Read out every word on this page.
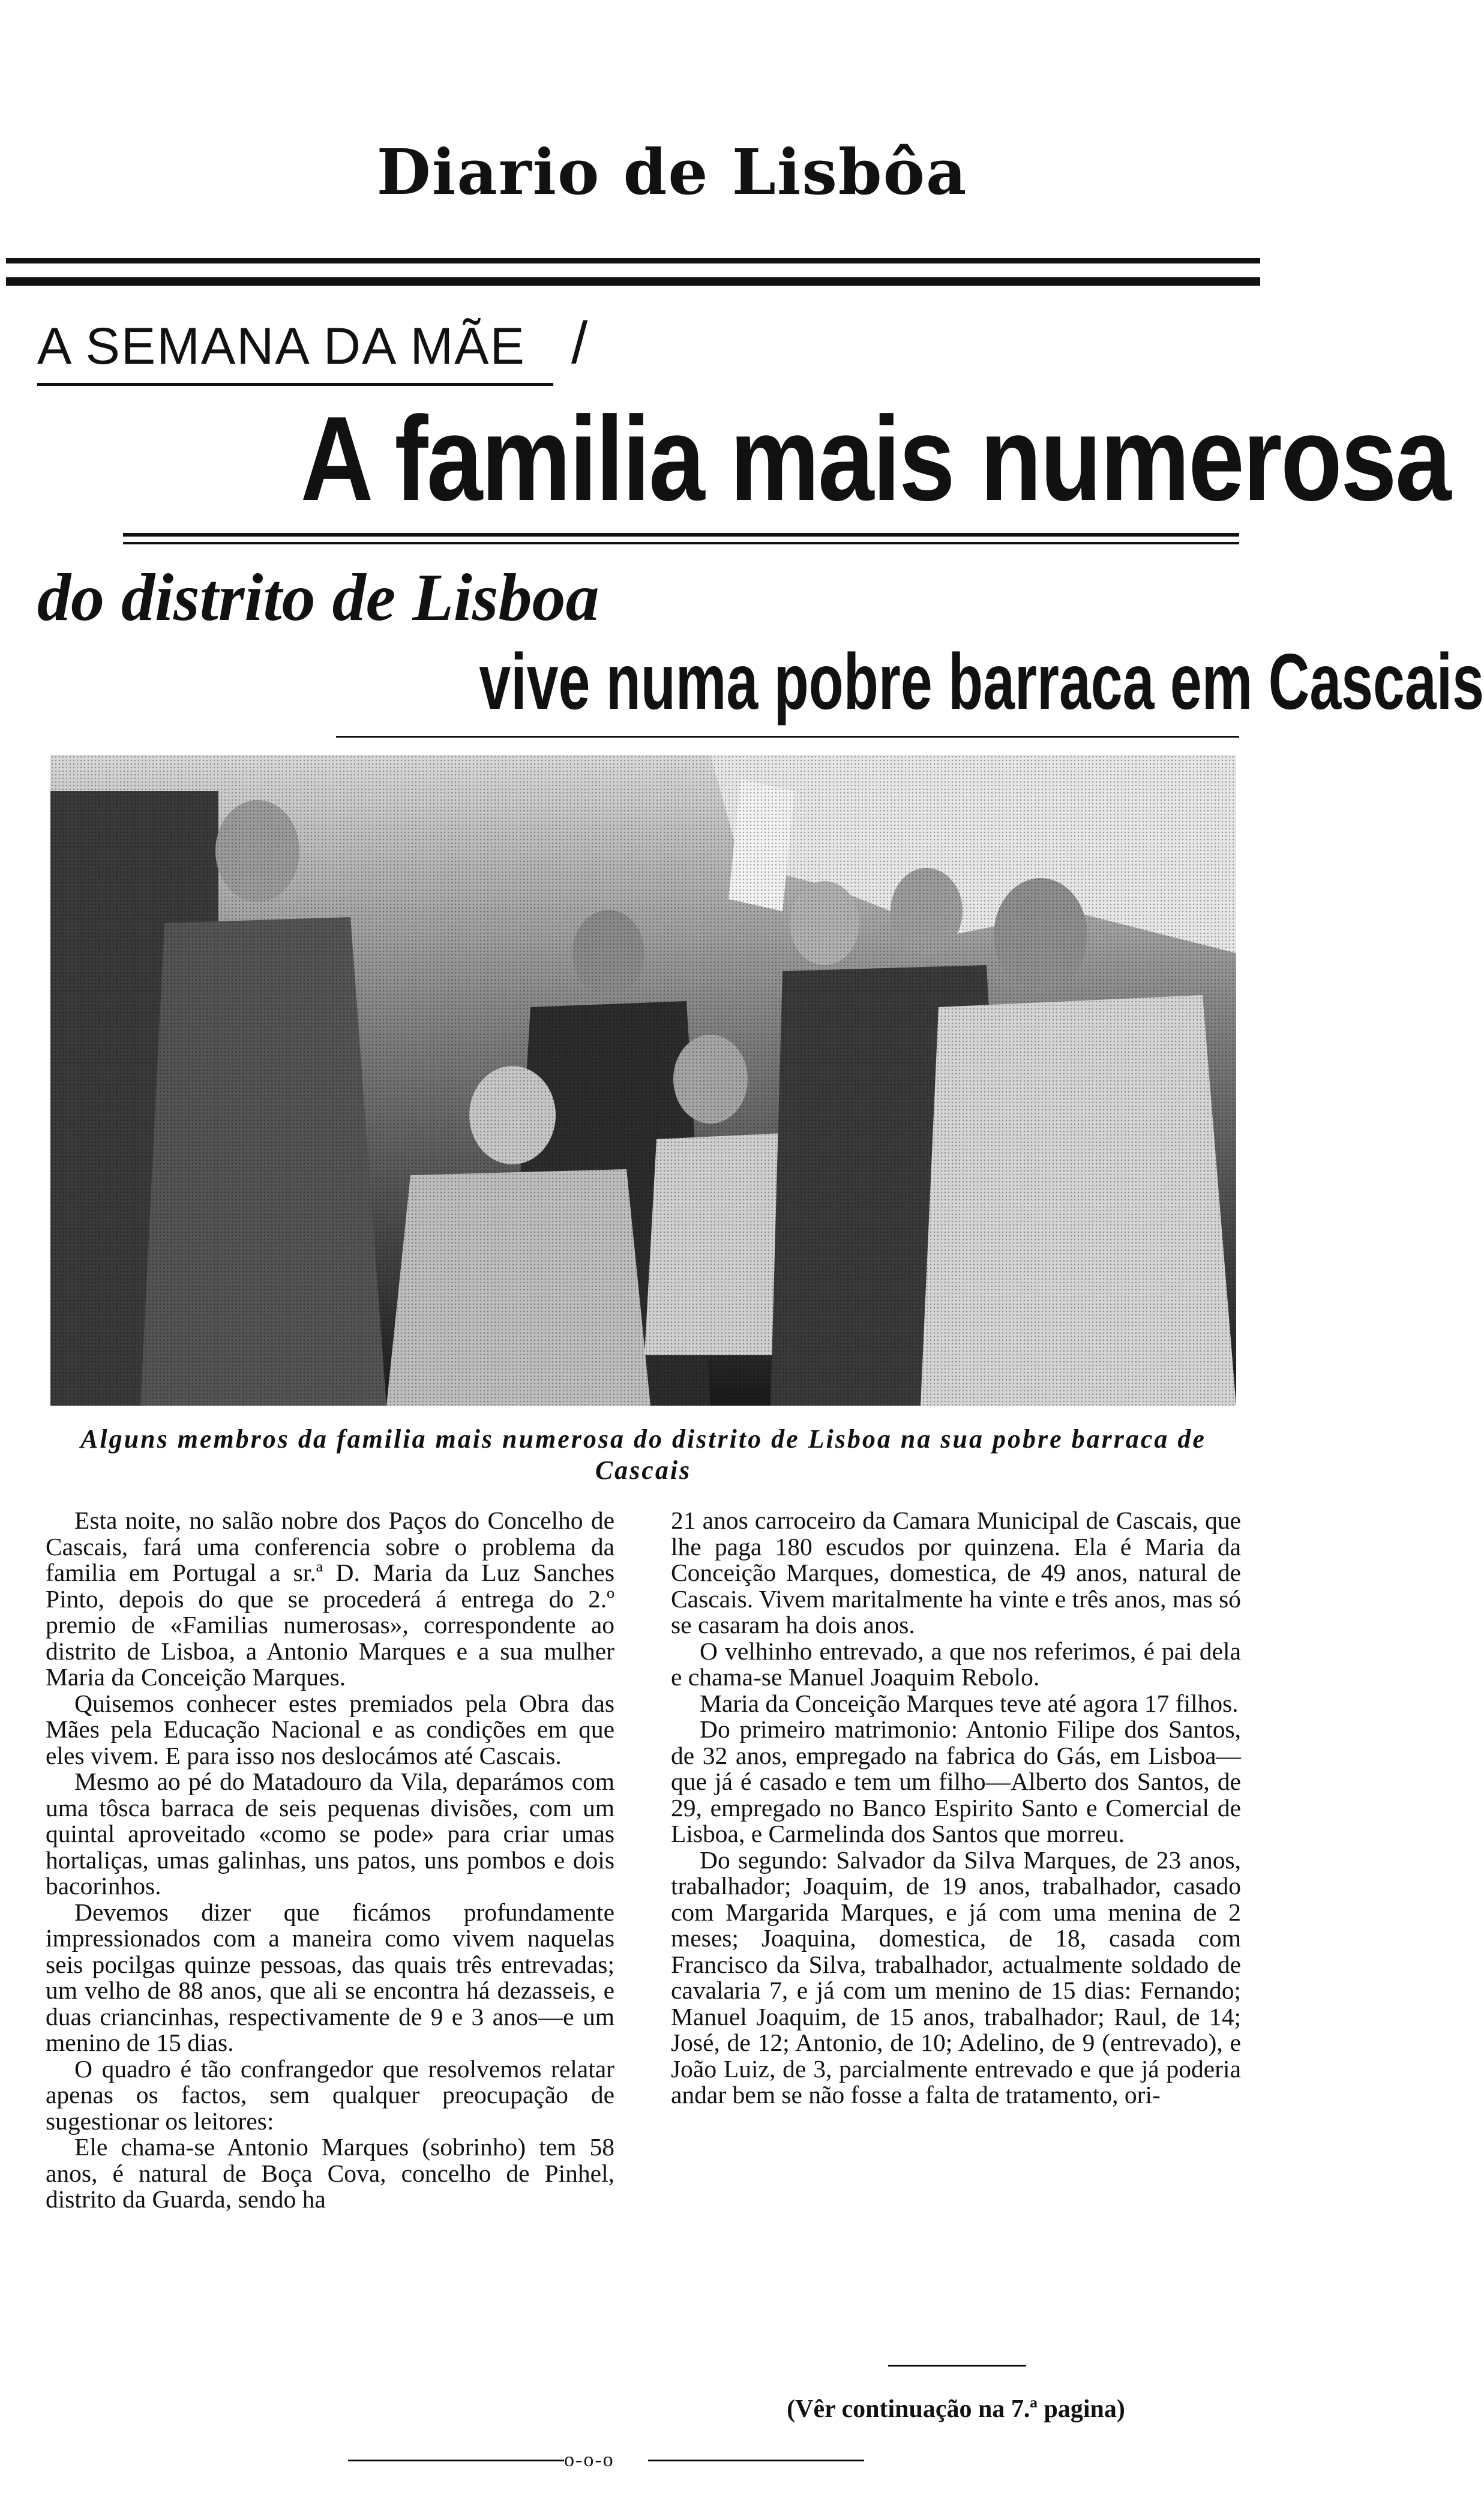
Diario de Lisbôa
A SEMANA DA MÃE /
A familia mais numerosa
do distrito de Lisboa
vive numa pobre barraca em Cascais
Alguns membros da familia mais numerosa do distrito de Lisboa na sua pobre barraca de Cascais

Esta noite, no salão nobre dos Paços do Concelho de Cascais, fará uma conferencia sobre o problema da familia em Portugal a sr.ª D. Maria da Luz Sanches Pinto, depois do que se procederá á entrega do 2.º premio de «Familias numerosas», correspondente ao distrito de Lisboa, a Antonio Marques e a sua mulher Maria da Conceição Marques.

Quisemos conhecer estes premiados pela Obra das Mães pela Educação Nacional e as condições em que eles vivem. E para isso nos deslocámos até Cascais.

Mesmo ao pé do Matadouro da Vila, deparámos com uma tôsca barraca de seis pequenas divisões, com um quintal aproveitado «como se pode» para criar umas hortaliças, umas galinhas, uns patos, uns pombos e dois bacorinhos.

Devemos dizer que ficámos profundamente impressionados com a maneira como vivem naquelas seis pocilgas quinze pessoas, das quais três entrevadas; um velho de 88 anos, que ali se encontra há dezasseis, e duas criancinhas, respectivamente de 9 e 3 anos—e um menino de 15 dias.

O quadro é tão confrangedor que resolvemos relatar apenas os factos, sem qualquer preocupação de sugestionar os leitores:

Ele chama-se Antonio Marques (sobrinho) tem 58 anos, é natural de Boça Cova, concelho de Pinhel, distrito da Guarda, sendo ha

21 anos carroceiro da Camara Municipal de Cascais, que lhe paga 180 escudos por quinzena. Ela é Maria da Conceição Marques, domestica, de 49 anos, natural de Cascais. Vivem maritalmente ha vinte e três anos, mas só se casaram ha dois anos.

O velhinho entrevado, a que nos referimos, é pai dela e chama-se Manuel Joaquim Rebolo.

Maria da Conceição Marques teve até agora 17 filhos.

Do primeiro matrimonio: Antonio Filipe dos Santos, de 32 anos, empregado na fabrica do Gás, em Lisboa—que já é casado e tem um filho—Alberto dos Santos, de 29, empregado no Banco Espirito Santo e Comercial de Lisboa, e Carmelinda dos Santos que morreu.

Do segundo: Salvador da Silva Marques, de 23 anos, trabalhador; Joaquim, de 19 anos, trabalhador, casado com Margarida Marques, e já com uma menina de 2 meses; Joaquina, domestica, de 18, casada com Francisco da Silva, trabalhador, actualmente soldado de cavalaria 7, e já com um menino de 15 dias: Fernando; Manuel Joaquim, de 15 anos, trabalhador; Raul, de 14; José, de 12; Antonio, de 10; Adelino, de 9 (entrevado), e João Luiz, de 3, parcialmente entrevado e que já poderia andar bem se não fosse a falta de tratamento, ori-

(Vêr continuação na 7.ª pagina)
o-o-o
